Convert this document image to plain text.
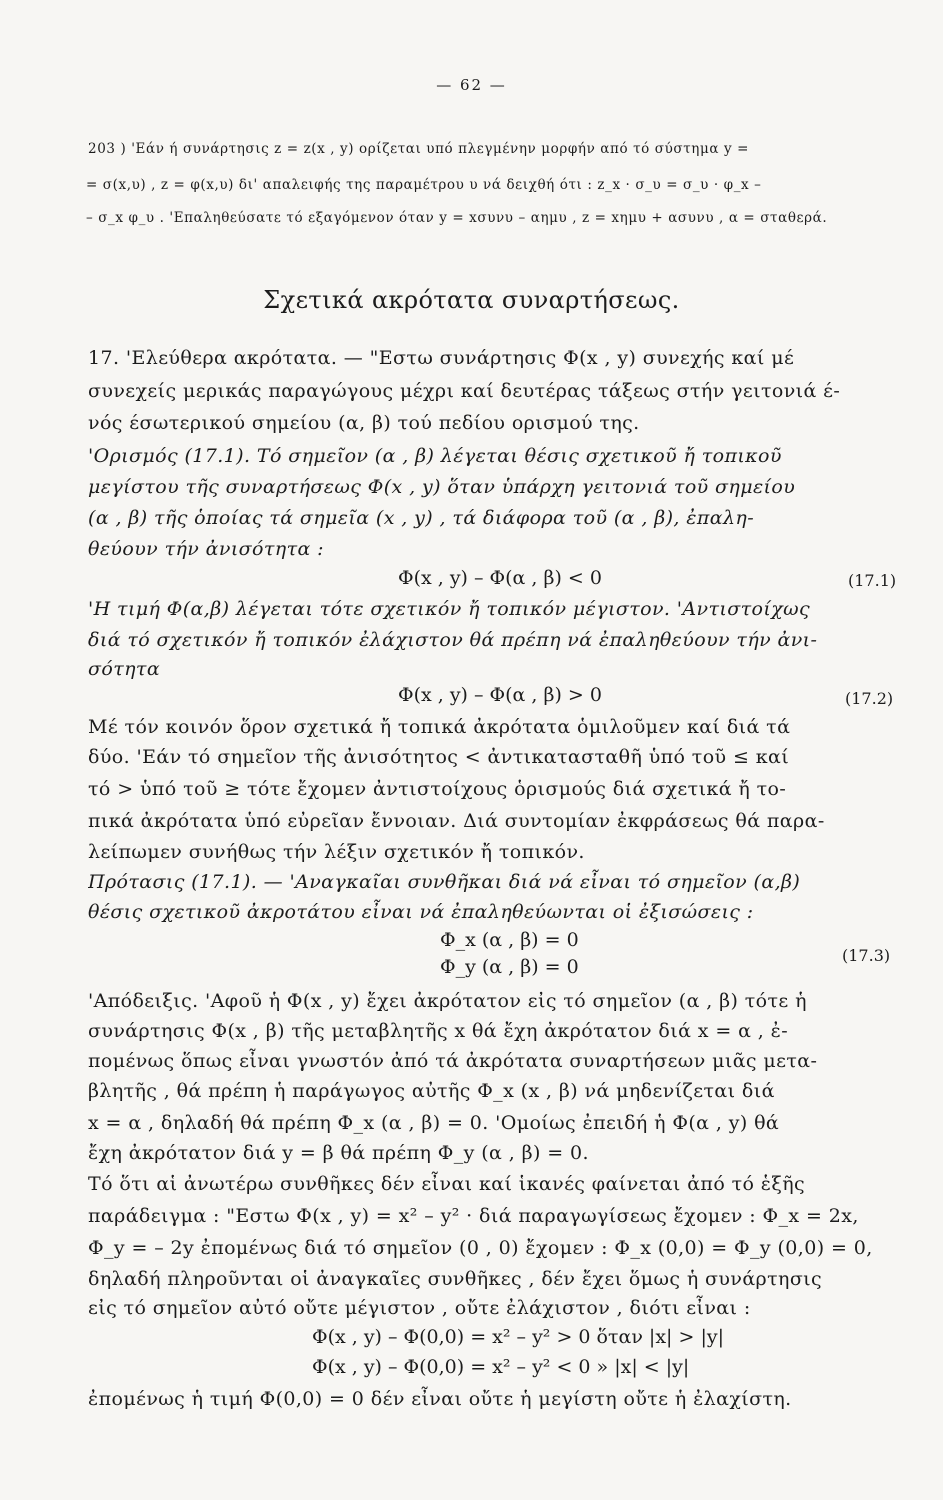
— 62 —
203 ) 'Εάν ή συνάρτησις z = z(x , y) ορίζεται υπό πλεγμένην μορφήν από τό σύστημα y =
= σ(x,υ) , z = φ(x,υ) δι' απαλειφής της παραμέτρου υ νά δειχθή ότι : z_x · σ_υ = σ_υ · φ_x –
– σ_x φ_υ . 'Επαληθεύσατε τό εξαγόμενον όταν y = xσυνυ – αημυ , z = xημυ + ασυνυ , α = σταθερά.
Σχετικά ακρότατα συναρτήσεως.
17. 'Ελεύθερα ακρότατα. — "Εστω συνάρτησις Φ(x , y) συνεχής καί μέ
συνεχείς μερικάς παραγώγους μέχρι καί δευτέρας τάξεως στήν γειτονιά έ-
νός έσωτερικού σημείου (α, β) τού πεδίου ορισμού της.
'Ορισμός (17.1). Τό σημεῖον (α , β) λέγεται θέσις σχετικοῦ ἤ τοπικοῦ
μεγίστου τῆς συναρτήσεως Φ(x , y) ὅταν ὑπάρχη γειτονιά τοῦ σημείου
(α , β) τῆς ὁποίας τά σημεῖα (x , y) , τά διάφορα τοῦ (α , β), ἐπαλη-
θεύουν τήν ἀνισότητα :
Φ(x , y) – Φ(α , β) < 0	(17.1)
'Η τιμή Φ(α,β) λέγεται τότε σχετικόν ἤ τοπικόν μέγιστον. 'Αντιστοίχως
διά τό σχετικόν ἤ τοπικόν ἐλάχιστον θά πρέπη νά ἐπαληθεύουν τήν ἀνι-
σότητα
Φ(x , y) – Φ(α , β) > 0	(17.2)
Μέ τόν κοινόν ὅρον σχετικά ἤ τοπικά ἀκρότατα ὁμιλοῦμεν καί διά τά
δύο. 'Εάν τό σημεῖον τῆς ἀνισότητος < ἀντικατασταθῆ ὑπό τοῦ ≤ καί
τό > ὑπό τοῦ ≥ τότε ἔχομεν ἀντιστοίχους ὁρισμούς διά σχετικά ἤ το-
πικά ἀκρότατα ὑπό εὐρεῖαν ἔννοιαν. Διά συντομίαν ἐκφράσεως θά παρα-
λείπωμεν συνήθως τήν λέξιν σχετικόν ἤ τοπικόν.
Πρότασις (17.1). — 'Αναγκαῖαι συνθῆκαι διά νά εἶναι τό σημεῖον (α,β)
θέσις σχετικοῦ ἀκροτάτου εἶναι νά ἐπαληθεύωνται οἱ ἐξισώσεις :
Φ_x (α , β) = 0
Φ_y (α , β) = 0
(17.3)
'Απόδειξις. 'Αφοῦ ἡ Φ(x , y) ἔχει ἀκρότατον εἰς τό σημεῖον (α , β) τότε ἡ
συνάρτησις Φ(x , β) τῆς μεταβλητῆς x θά ἔχη ἀκρότατον διά x = α , ἐ-
πομένως ὅπως εἶναι γνωστόν ἀπό τά ἀκρότατα συναρτήσεων μιᾶς μετα-
βλητῆς , θά πρέπη ἡ παράγωγος αὐτῆς Φ_x (x , β) νά μηδενίζεται διά
x = α , δηλαδή θά πρέπη Φ_x (α , β) = 0. 'Ομοίως ἐπειδή ἡ Φ(α , y) θά
ἔχη ἀκρότατον διά y = β θά πρέπη Φ_y (α , β) = 0.
Τό ὅτι αἱ ἀνωτέρω συνθῆκες δέν εἶναι καί ἱκανές φαίνεται ἀπό τό ἑξῆς
παράδειγμα : "Εστω Φ(x , y) = x² – y² · διά παραγωγίσεως ἔχομεν : Φ_x = 2x,
Φ_y = – 2y ἐπομένως διά τό σημεῖον (0 , 0) ἔχομεν : Φ_x (0,0) = Φ_y (0,0) = 0,
δηλαδή πληροῦνται οἱ ἀναγκαῖες συνθῆκες , δέν ἔχει ὅμως ἡ συνάρτησις
εἰς τό σημεῖον αὐτό οὔτε μέγιστον , οὔτε ἐλάχιστον , διότι εἶναι :
Φ(x , y) – Φ(0,0) = x² – y² > 0 ὅταν |x| > |y|
Φ(x , y) – Φ(0,0) = x² – y² < 0 » |x| < |y|
ἐπομένως ἡ τιμή Φ(0,0) = 0 δέν εἶναι οὔτε ἡ μεγίστη οὔτε ἡ ἐλαχίστη.
